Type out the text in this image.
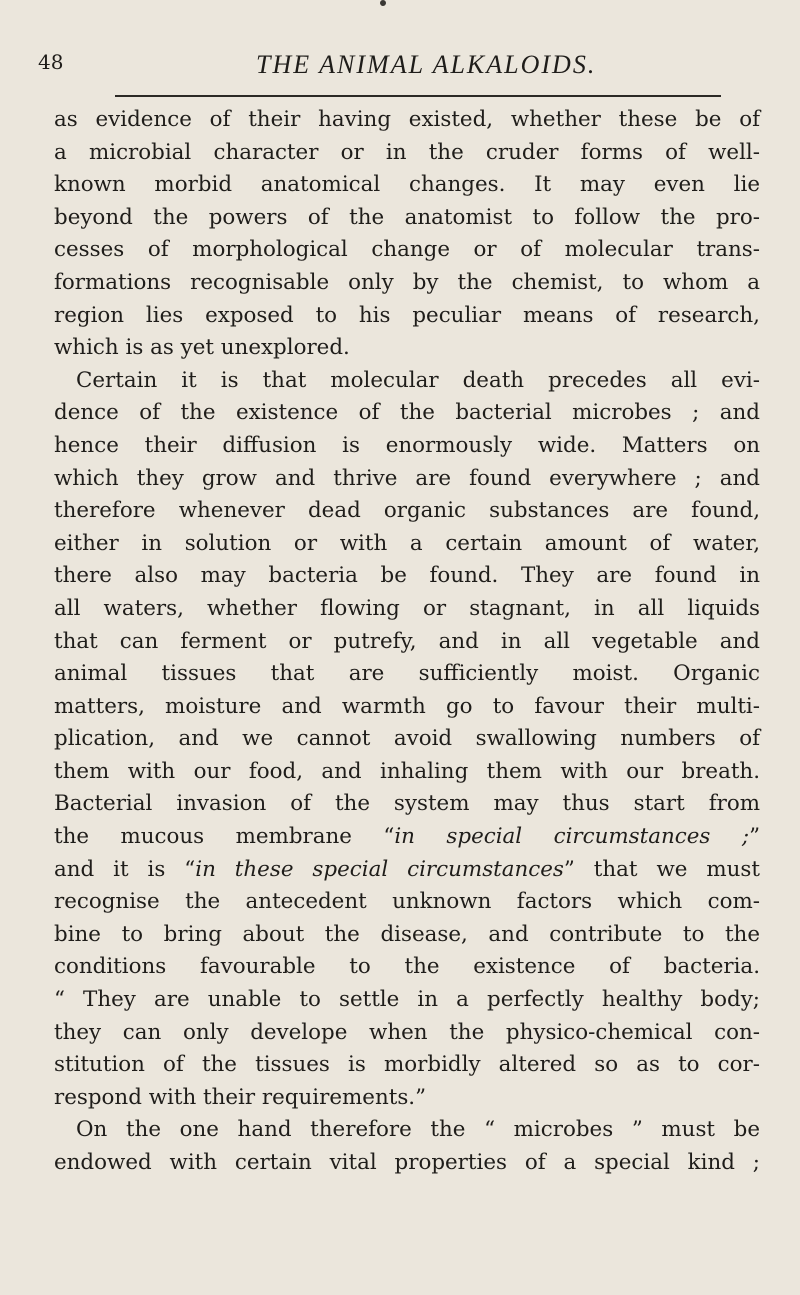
48	THE ANIMAL ALKALOIDS.
as evidence of their having existed, whether these be of
a microbial character or in the cruder forms of well-
known morbid anatomical changes. It may even lie
beyond the powers of the anatomist to follow the pro-
cesses of morphological change or of molecular trans-
formations recognisable only by the chemist, to whom a
region lies exposed to his peculiar means of research,
which is as yet unexplored.
Certain it is that molecular death precedes all evi-
dence of the existence of the bacterial microbes ; and
hence their diffusion is enormously wide. Matters on
which they grow and thrive are found everywhere ; and
therefore whenever dead organic substances are found,
either in solution or with a certain amount of water,
there also may bacteria be found. They are found in
all waters, whether flowing or stagnant, in all liquids
that can ferment or putrefy, and in all vegetable and
animal tissues that are sufficiently moist. Organic
matters, moisture and warmth go to favour their multi-
plication, and we cannot avoid swallowing numbers of
them with our food, and inhaling them with our breath.
Bacterial invasion of the system may thus start from
the mucous membrane “in special circumstances ;”
and it is “in these special circumstances” that we must
recognise the antecedent unknown factors which com-
bine to bring about the disease, and contribute to the
conditions favourable to the existence of bacteria.
“ They are unable to settle in a perfectly healthy body;
they can only develope when the physico-chemical con-
stitution of the tissues is morbidly altered so as to cor-
respond with their requirements.”
On the one hand therefore the “ microbes ” must be
endowed with certain vital properties of a special kind ;
